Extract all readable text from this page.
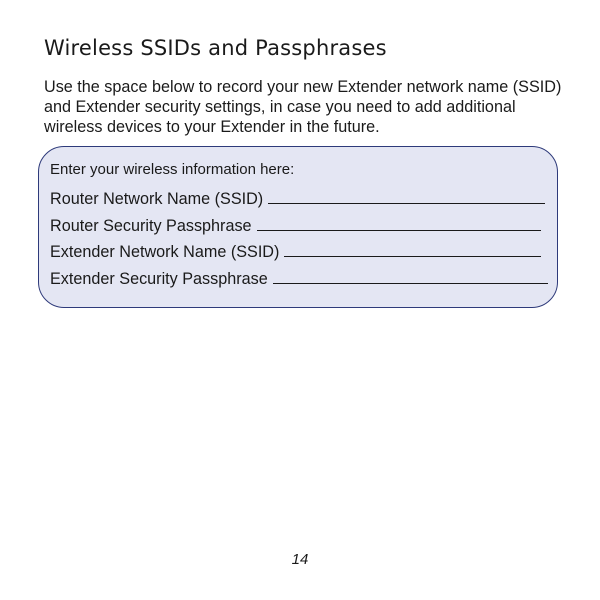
Wireless SSIDs and Passphrases

Use the space below to record your new Extender network name (SSID) and Extender security settings, in case you need to add additional wireless devices to your Extender in the future.

Enter your wireless information here:

Router Network Name (SSID)
Router Security Passphrase
Extender Network Name (SSID)
Extender Security Passphrase
14
